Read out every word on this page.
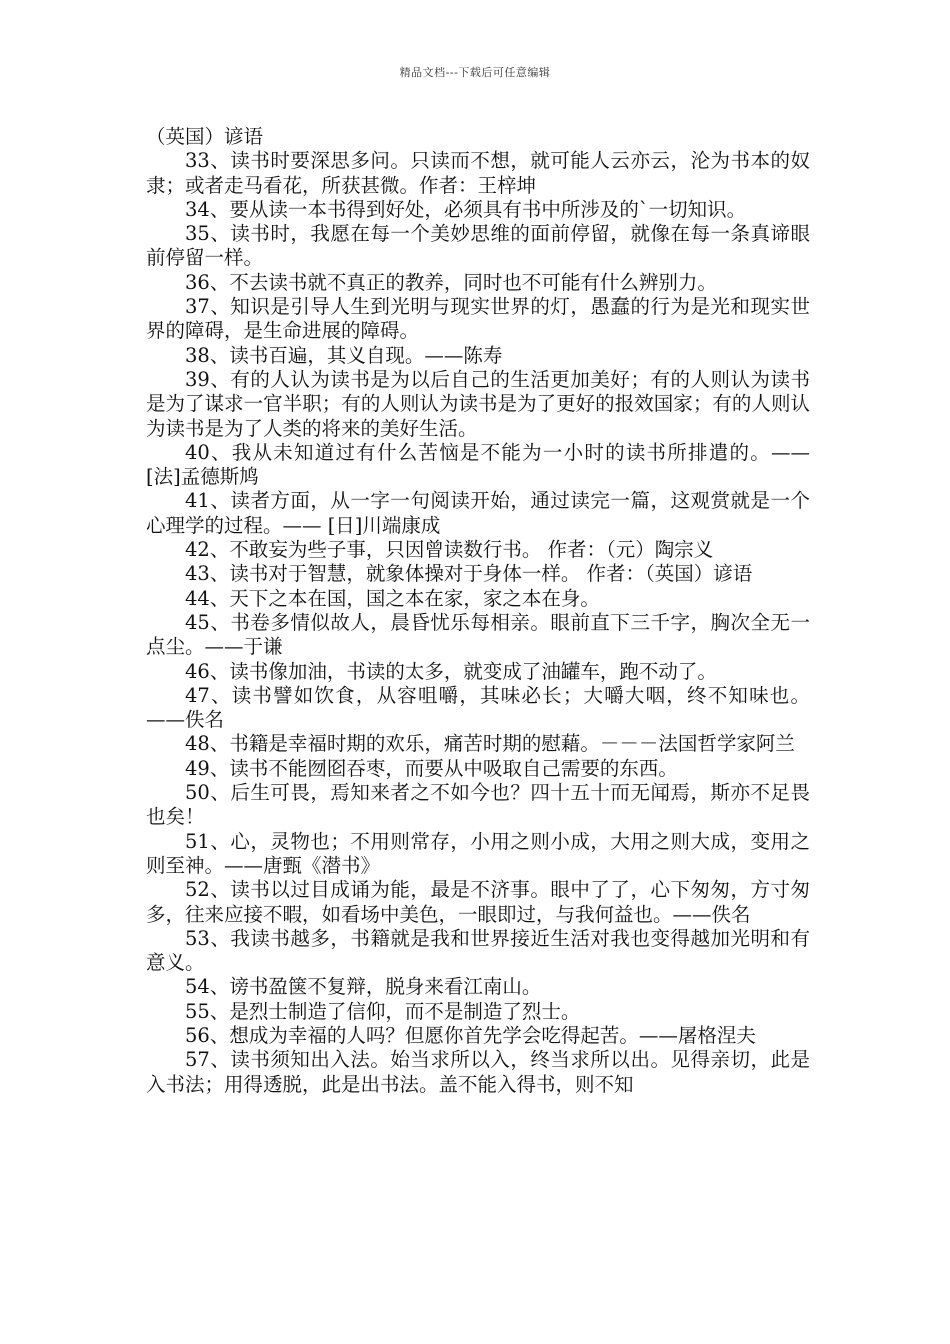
精品文档---下载后可任意编辑

（英国）谚语

33、读书时要深思多问。只读而不想，就可能人云亦云，沦为书本的奴隶；或者走马看花，所获甚微。作者：王梓坤

34、要从读一本书得到好处，必须具有书中所涉及的`一切知识。

35、读书时，我愿在每一个美妙思维的面前停留，就像在每一条真谛眼前停留一样。

36、不去读书就不真正的教养，同时也不可能有什么辨别力。

37、知识是引导人生到光明与现实世界的灯，愚蠢的行为是光和现实世界的障碍，是生命进展的障碍。

38、读书百遍，其义自现。——陈寿

39、有的人认为读书是为以后自己的生活更加美好；有的人则认为读书是为了谋求一官半职；有的人则认为读书是为了更好的报效国家；有的人则认为读书是为了人类的将来的美好生活。

40、我从未知道过有什么苦恼是不能为一小时的读书所排遣的。——[法]孟德斯鸠

41、读者方面，从一字一句阅读开始，通过读完一篇，这观赏就是一个心理学的过程。—— [日]川端康成

42、不敢妄为些子事，只因曾读数行书。 作者：（元）陶宗义

43、读书对于智慧，就象体操对于身体一样。 作者：（英国）谚语

44、天下之本在国，国之本在家，家之本在身。

45、书卷多情似故人，晨昏忧乐每相亲。眼前直下三千字，胸次全无一点尘。——于谦

46、读书像加油，书读的太多，就变成了油罐车，跑不动了。

47、读书譬如饮食，从容咀嚼，其味必长；大嚼大咽，终不知味也。——佚名

48、书籍是幸福时期的欢乐，痛苦时期的慰藉。－－－法国哲学家阿兰

49、读书不能囫囵吞枣，而要从中吸取自己需要的东西。

50、后生可畏，焉知来者之不如今也？四十五十而无闻焉，斯亦不足畏也矣！

51、心，灵物也；不用则常存，小用之则小成，大用之则大成，变用之则至神。——唐甄《潜书》

52、读书以过目成诵为能，最是不济事。眼中了了，心下匆匆，方寸匆多，往来应接不暇，如看场中美色，一眼即过，与我何益也。——佚名

53、我读书越多，书籍就是我和世界接近生活对我也变得越加光明和有意义。

54、谤书盈箧不复辩，脱身来看江南山。

55、是烈士制造了信仰，而不是制造了烈士。

56、想成为幸福的人吗？但愿你首先学会吃得起苦。——屠格涅夫

57、读书须知出入法。始当求所以入，终当求所以出。见得亲切，此是入书法；用得透脱，此是出书法。盖不能入得书，则不知
